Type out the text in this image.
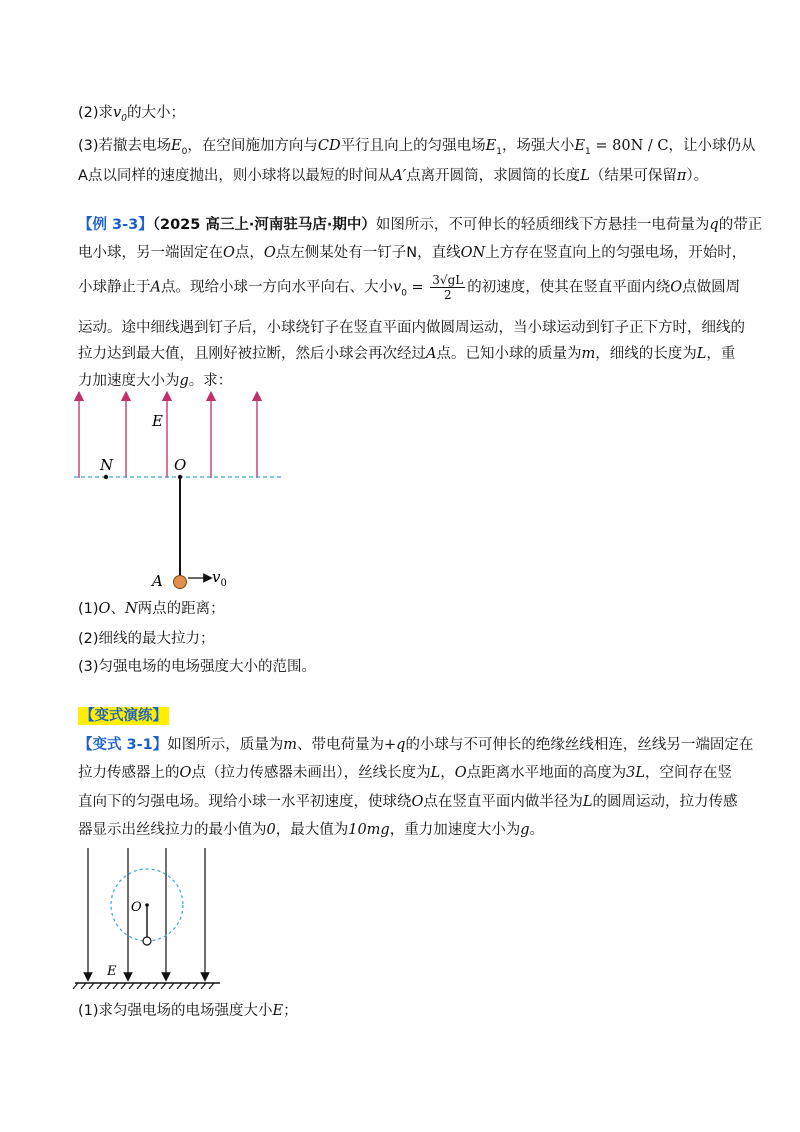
(2)求$v_0$的大小；
(3)若撤去电场$E_0$，在空间施加方向与CD平行且向上的匀强电场$E_1$，场强大小$E_1 = 80N / C$，让小球仍从
A点以同样的速度抛出，则小球将以最短的时间从A′点离开圆筒，求圆筒的长度L（结果可保留π）。
【例 3-3】（2025 高三上·河南驻马店·期中）如图所示，不可伸长的轻质细线下方悬挂一电荷量为q的带正
电小球，另一端固定在O点，O点左侧某处有一钉子N，直线ON上方存在竖直向上的匀强电场，开始时，
小球静止于A点。现给小球一方向水平向右、大小$v_0 = \frac{3√gL}{2}$ 的初速度，使其在竖直平面内绕O点做圆周
运动。途中细线遇到钉子后，小球绕钉子在竖直平面内做圆周运动，当小球运动到钉子正下方时，细线的
拉力达到最大值，且刚好被拉断，然后小球会再次经过A点。已知小球的质量为m，细线的长度为L，重
力加速度大小为g。求：
E
N	O
A	$v_0$
(1)O、N两点的距离；
(2)细线的最大拉力；
(3)匀强电场的电场强度大小的范围。
【变式演练】
【变式 3-1】如图所示，质量为m、带电荷量为+q的小球与不可伸长的绝缘丝线相连，丝线另一端固定在
拉力传感器上的O点（拉力传感器未画出），丝线长度为L，O点距离水平地面的高度为3L，空间存在竖
直向下的匀强电场。现给小球一水平初速度，使球绕O点在竖直平面内做半径为L的圆周运动，拉力传感
器显示出丝线拉力的最小值为0，最大值为10mg，重力加速度大小为g。
O
E
(1)求匀强电场的电场强度大小E；
